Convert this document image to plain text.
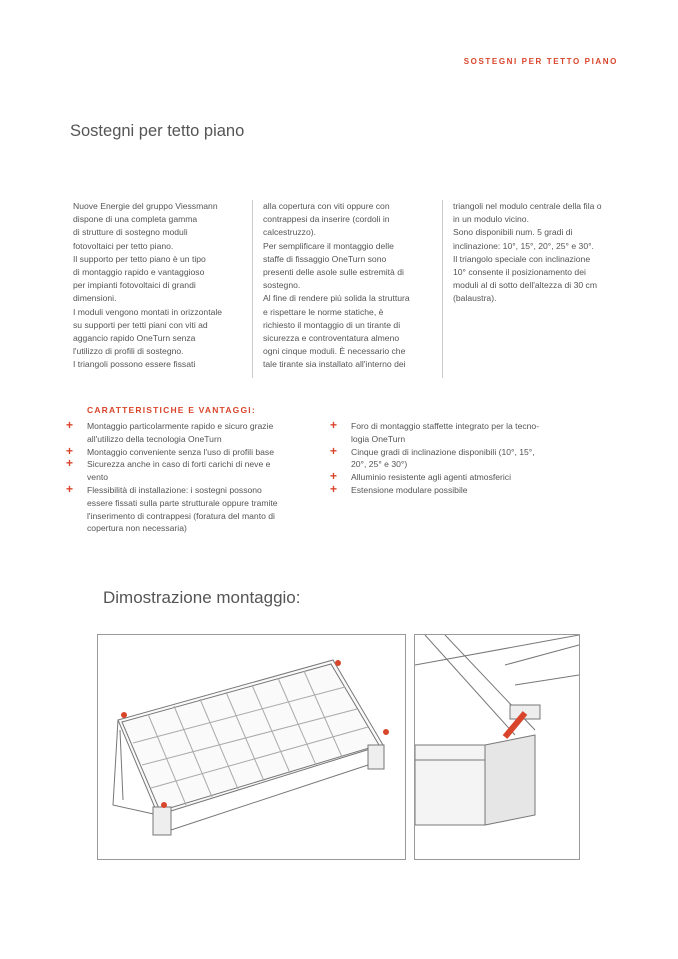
SOSTEGNI PER TETTO PIANO
Sostegni per tetto piano

Nuove Energie del gruppo Viessmann
dispone di una completa gamma
di strutture di sostegno moduli
fotovoltaici per tetto piano.
Il supporto per tetto piano è un tipo
di montaggio rapido e vantaggioso
per impianti fotovoltaici di grandi
dimensioni.
I moduli vengono montati in orizzontale
su supporti per tetti piani con viti ad
aggancio rapido OneTurn senza
l'utilizzo di profili di sostegno.
I triangoli possono essere fissati

alla copertura con viti oppure con
contrappesi da inserire (cordoli in
calcestruzzo).
Per semplificare il montaggio delle
staffe di fissaggio OneTurn sono
presenti delle asole sulle estremità di
sostegno.
Al fine di rendere più solida la struttura
e rispettare le norme statiche, è
richiesto il montaggio di un tirante di
sicurezza e controventatura almeno
ogni cinque moduli. È necessario che
tale tirante sia installato all'interno dei

triangoli nel modulo centrale della fila o
in un modulo vicino.
Sono disponibili num. 5 gradi di
inclinazione: 10°, 15°, 20°, 25° e 30°.
Il triangolo speciale con inclinazione
10° consente il posizionamento dei
moduli al di sotto dell'altezza di 30 cm
(balaustra).

CARATTERISTICHE E VANTAGGI:
+ Montaggio particolarmente rapido e sicuro grazie
all'utilizzo della tecnologia OneTurn
+ Montaggio conveniente senza l'uso di profili base
+ Sicurezza anche in caso di forti carichi di neve e
vento
+ Flessibilità di installazione: i sostegni possono
essere fissati sulla parte strutturale oppure tramite
l'inserimento di contrappesi (foratura del manto di
copertura non necessaria)
+ Foro di montaggio staffette integrato per la tecno-
logia OneTurn
+ Cinque gradi di inclinazione disponibili (10°, 15°,
20°, 25° e 30°)
+ Alluminio resistente agli agenti atmosferici
+ Estensione modulare possibile
Dimostrazione montaggio:
